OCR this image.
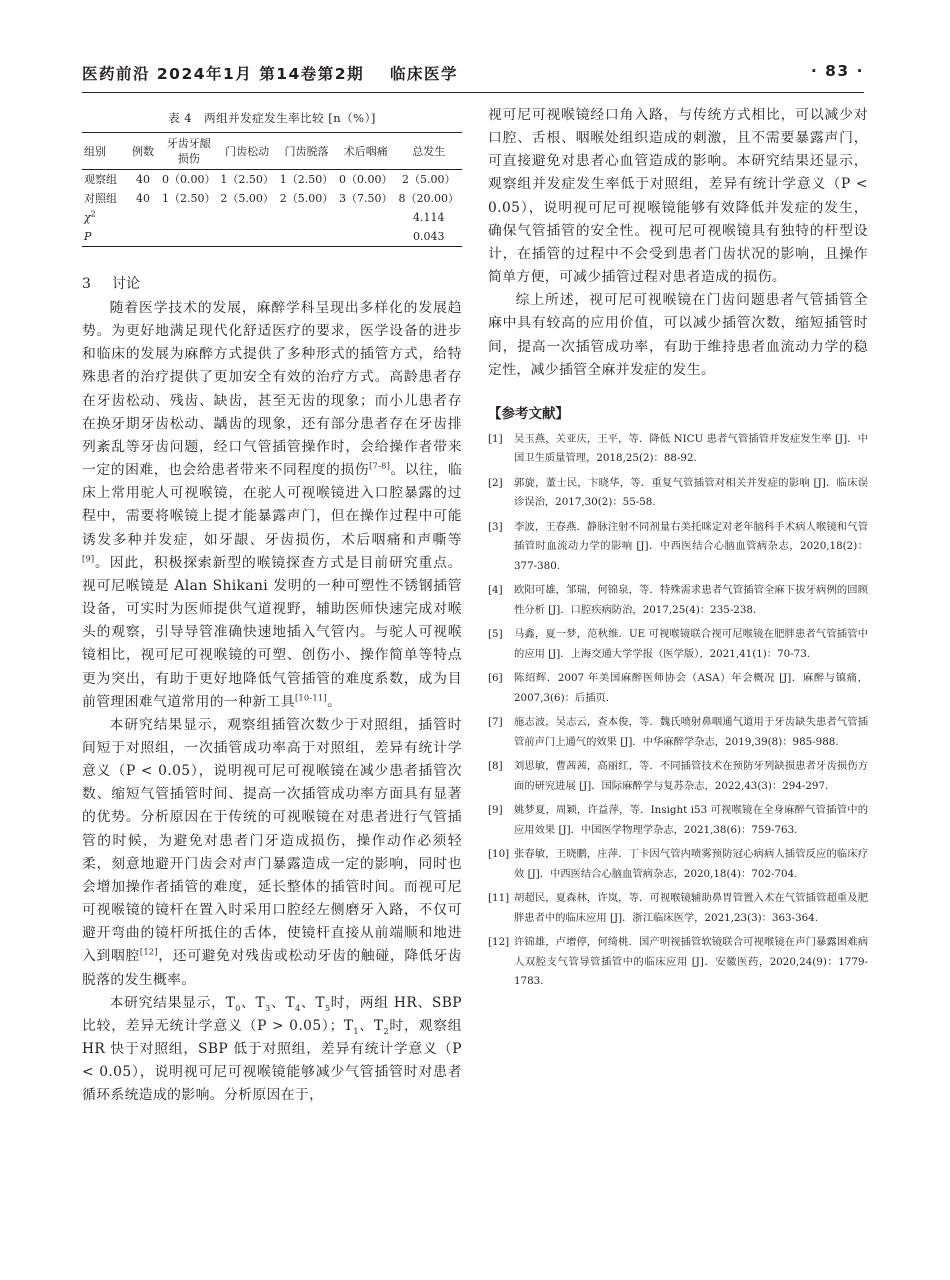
医药前沿 2024年1月 第14卷第2期 临床医学	· 83 ·
表 4　两组并发症发生率比较 [n（%）]
组别	例数	牙齿牙龈损伤	门齿松动	门齿脱落	术后咽痛	总发生
观察组	40	0（0.00）	1（2.50）	1（2.50）	0（0.00）	2（5.00）
对照组	40	1（2.50）	2（5.00）	2（5.00）	3（7.50）	8（20.00）
$\chi^2$						4.114
P						0.043
3 讨论

随着医学技术的发展，麻醉学科呈现出多样化的发展趋势。为更好地满足现代化舒适医疗的要求，医学设备的进步和临床的发展为麻醉方式提供了多种形式的插管方式，给特殊患者的治疗提供了更加安全有效的治疗方式。高龄患者存在牙齿松动、残齿、缺齿，甚至无齿的现象；而小儿患者存在换牙期牙齿松动、龋齿的现象，还有部分患者存在牙齿排列紊乱等牙齿问题，经口气管插管操作时，会给操作者带来一定的困难，也会给患者带来不同程度的损伤[7-8]。以往，临床上常用驼人可视喉镜，在驼人可视喉镜进入口腔暴露的过程中，需要将喉镜上提才能暴露声门，但在操作过程中可能诱发多种并发症，如牙龈、牙齿损伤，术后咽痛和声嘶等[9]。因此，积极探索新型的喉镜探查方式是目前研究重点。视可尼喉镜是 Alan Shikani 发明的一种可塑性不锈钢插管设备，可实时为医师提供气道视野，辅助医师快速完成对喉头的观察，引导导管准确快速地插入气管内。与驼人可视喉镜相比，视可尼可视喉镜的可塑、创伤小、操作简单等特点更为突出，有助于更好地降低气管插管的难度系数，成为目前管理困难气道常用的一种新工具[10-11]。

本研究结果显示，观察组插管次数少于对照组，插管时间短于对照组，一次插管成功率高于对照组，差异有统计学意义（P < 0.05），说明视可尼可视喉镜在减少患者插管次数、缩短气管插管时间、提高一次插管成功率方面具有显著的优势。分析原因在于传统的可视喉镜在对患者进行气管插管的时候，为避免对患者门牙造成损伤，操作动作必须轻柔，刻意地避开门齿会对声门暴露造成一定的影响，同时也会增加操作者插管的难度，延长整体的插管时间。而视可尼可视喉镜的镜杆在置入时采用口腔经左侧磨牙入路，不仅可避开弯曲的镜杆所抵住的舌体，使镜杆直接从前端顺和地进入到咽腔[12]，还可避免对残齿或松动牙齿的触碰，降低牙齿脱落的发生概率。

本研究结果显示，$T_0$、$T_3$、$T_4$、$T_5$时，两组 HR、SBP 比较，差异无统计学意义（P > 0.05）；$T_1$、$T_2$时，观察组 HR 快于对照组，SBP 低于对照组，差异有统计学意义（P < 0.05），说明视可尼可视喉镜能够减少气管插管时对患者循环系统造成的影响。分析原因在于，

视可尼可视喉镜经口角入路，与传统方式相比，可以减少对口腔、舌根、咽喉处组织造成的刺激，且不需要暴露声门，可直接避免对患者心血管造成的影响。本研究结果还显示，观察组并发症发生率低于对照组，差异有统计学意义（P < 0.05），说明视可尼可视喉镜能够有效降低并发症的发生，确保气管插管的安全性。视可尼可视喉镜具有独特的杆型设计，在插管的过程中不会受到患者门齿状况的影响，且操作简单方便，可减少插管过程对患者造成的损伤。

综上所述，视可尼可视喉镜在门齿问题患者气管插管全麻中具有较高的应用价值，可以减少插管次数，缩短插管时间，提高一次插管成功率，有助于维持患者血流动力学的稳定性，减少插管全麻并发症的发生。

【参考文献】
[1] 吴玉燕，关亚庆，王平，等．降低 NICU 患者气管插管并发症发生率 [J]．中国卫生质量管理，2018,25(2)：88-92.
[2] 郭旋，董士民，卞晓华，等．重复气管插管对相关并发症的影响 [J]．临床误诊误治，2017,30(2)：55-58.
[3] 李波，王春燕．静脉注射不同剂量右美托咪定对老年脑科手术病人喉镜和气管插管时血流动力学的影响 [J]．中西医结合心脑血管病杂志，2020,18(2)：377-380.
[4] 欧阳可雄，邹瑞，何锦泉，等．特殊需求患者气管插管全麻下拔牙病例的回顾性分析 [J]．口腔疾病防治，2017,25(4)：235-238.
[5] 马鑫，夏一梦，范秋维．UE 可视喉镜联合视可尼喉镜在肥胖患者气管插管中的应用 [J]．上海交通大学学报（医学版），2021,41(1)：70-73.
[6] 陈绍辉．2007 年美国麻醉医师协会（ASA）年会概况 [J]．麻醉与镇痛，2007,3(6)：后插页．
[7] 施志波，吴志云，查本俊，等．魏氏喷射鼻咽通气道用于牙齿缺失患者气管插管前声门上通气的效果 [J]．中华麻醉学杂志，2019,39(8)：985-988.
[8] 刘思敏，曹茜茜，高丽红，等．不同插管技术在预防牙列缺损患者牙齿损伤方面的研究进展 [J]．国际麻醉学与复苏杂志，2022,43(3)：294-297.
[9] 姚梦夏，周颖，许益萍，等．Insight i53 可视喉镜在全身麻醉气管插管中的应用效果 [J]．中国医学物理学杂志，2021,38(6)：759-763.
[10] 张春敏，王晓鹏，庄萍．丁卡因气管内喷雾预防冠心病病人插管反应的临床疗效 [J]．中西医结合心脑血管病杂志，2020,18(4)：702-704.
[11] 胡超民，夏森林，许岚，等．可视喉镜辅助鼻胃管置入术在气管插管超重及肥胖患者中的临床应用 [J]．浙江临床医学，2021,23(3)：363-364.
[12] 许锦雄，卢增停，何绮桃．国产明视插管软镜联合可视喉镜在声门暴露困难病人双腔支气管导管插管中的临床应用 [J]．安徽医药，2020,24(9)：1779-1783.
